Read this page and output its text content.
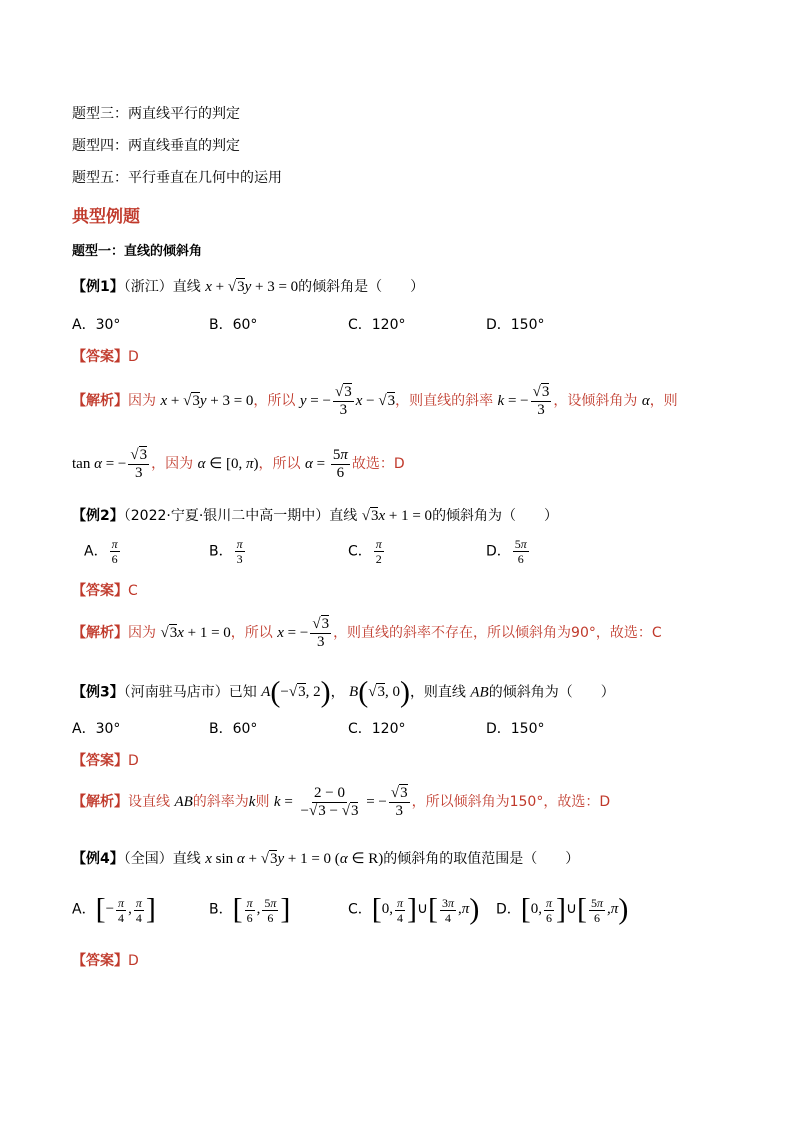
题型三：两直线平行的判定
题型四：两直线垂直的判定
题型五：平行垂直在几何中的运用
典型例题
题型一：直线的倾斜角
【例1】（浙江）直线 x + √3y + 3 = 0的倾斜角是（　　）
A．30°	B．60°	C．120°	D．150°
【答案】D
【解析】因为 x + √3y + 3 = 0，所以 y = − $\frac{√3}{3}$ x − √3，则直线的斜率 k = − $\frac{√3}{3}$ ，设倾斜角为 α，则
tan α = − $\frac{√3}{3}$ ，因为 α ∈ [0, π)，所以 $\alpha = \frac{5\pi}{6}$ 故选：D
【例2】（2022·宁夏·银川二中高一期中）直线 √3x + 1 = 0的倾斜角为（　　）
A． $\frac{\pi}{6}$	B． $\frac{\pi}{3}$	C． $\frac{\pi}{2}$	D． $\frac{5\pi}{6}$
【答案】C
【解析】因为 √3x + 1 = 0，所以 x = − $\frac{√3}{3}$ ，则直线的斜率不存在，所以倾斜角为90°，故选：C
【例3】（河南驻马店市）已知 A(−√3, 2)， B(√3, 0)，则直线 AB的倾斜角为（　　）
A．30°	B．60°	C．120°	D．150°
【答案】D
【解析】设直线 AB的斜率为k则 $k = \frac{2 - 0}{-√3 - √3}$ = − $\frac{√3}{3}$ ，所以倾斜角为150°，故选：D
【例4】（全国）直线 x sin α + √3y + 1 = 0 (α ∈ R)的倾斜角的取值范围是（　　）
A．[− $\frac{\pi}{4}$ , $\frac{\pi}{4}$ ]	B．[ $\frac{\pi}{6}$ , $\frac{5\pi}{6}$ ]	C．[0, $\frac{\pi}{4}$ ]∪[ $\frac{3\pi}{4} ,\pi$) D．[0, $\frac{\pi}{6}$ ]∪[ $\frac{5\pi}{6} ,\pi$)
【答案】D
